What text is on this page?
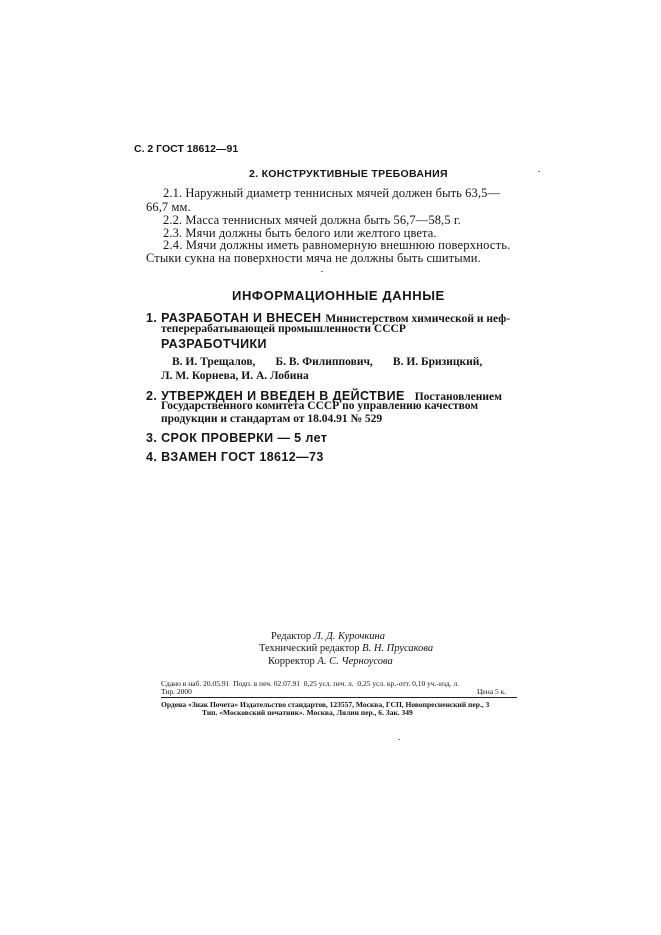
С. 2 ГОСТ 18612—91
2. КОНСТРУКТИВНЫЕ ТРЕБОВАНИЯ
2.1. Наружный диаметр теннисных мячей должен быть 63,5—
66,7 мм.
2.2. Масса теннисных мячей должна быть 56,7—58,5 г.
2.3. Мячи должны быть белого или желтого цвета.
2.4. Мячи должны иметь равномерную внешнюю поверхность.
Стыки сукна на поверхности мяча не должны быть сшитыми.
ИНФОРМАЦИОННЫЕ ДАННЫЕ
1. РАЗРАБОТАН И ВНЕСЕН Министерством химической и неф-
теперерабатывающей промышленности СССР
РАЗРАБОТЧИКИ
В. И. Трещалов,       Б. В. Филиппович,       В. И. Бризицкий,
Л. М. Корнева, И. А. Лобина
2. УТВЕРЖДЕН И ВВЕДЕН В ДЕЙСТВИЕ Постановлением
Государственного комитета СССР по управлению качеством
продукции и стандартам от 18.04.91 № 529
3. СРОК ПРОВЕРКИ — 5 лет
4. ВЗАМЕН ГОСТ 18612—73
Редактор Л. Д. Курочкина
Технический редактор В. Н. Прусакова
Корректор А. С. Черноусова
Сдано в наб. 20.05.91  Подп. в печ. 02.07.91  0,25 усл. печ. л.  0,25 усл. кр.-отт. 0,10 уч.-изд. л.
Тир. 2000	Цена 5 к.
Ордена «Знак Почета» Издательство стандартов, 123557, Москва, ГСП, Новопресненский пер., 3
Тип. «Московский печатник». Москва, Лялин пер., 6. Зак. 349
